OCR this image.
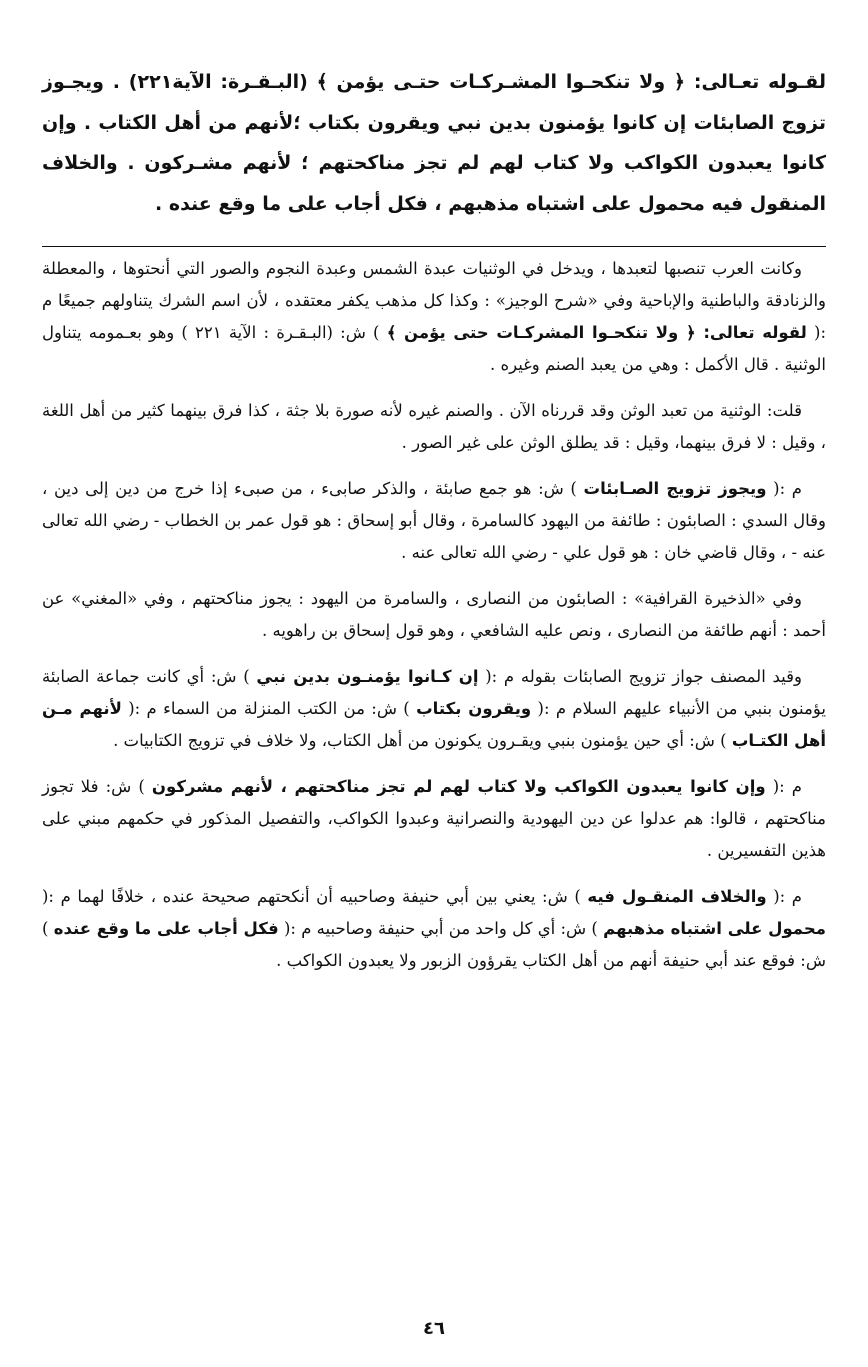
لقـوله تعـالى: ﴿ ولا تنكحـوا المشـركـات حتـى يؤمن ﴾ (البـقـرة: الآية٢٢١) . ويجـوز تزوج الصابئات إن كانوا يؤمنون بدين نبي ويقرون بكتاب ؛لأنهم من أهل الكتاب . وإن كانوا يعبدون الكواكب ولا كتاب لهم لم تجز مناكحتهم ؛ لأنهم مشـركون . والخلاف المنقول فيه محمول على اشتباه مذهبهم ، فكل أجاب على ما وقع عنده .

وكانت العرب تنصبها لتعبدها ، ويدخل في الوثنيات عبدة الشمس وعبدة النجوم والصور التي أنحتوها ، والمعطلة والزنادقة والباطنية والإباحية وفي «شرح الوجيز» : وكذا كل مذهب يكفر معتقده ، لأن اسم الشرك يتناولهم جميعًا م :( لقوله تعالى: ﴿ ولا تنكحـوا المشركـات حتى يؤمن ﴾ ) ش: (البـقـرة : الآية ٢٢١ ) وهو بعـمومه يتناول الوثنية . قال الأكمل : وهي من يعبد الصنم وغيره .

قلت: الوثنية من تعبد الوثن وقد قررناه الآن . والصنم غيره لأنه صورة بلا جثة ، كذا فرق بينهما كثير من أهل اللغة ، وقيل : لا فرق بينهما، وقيل : قد يطلق الوثن على غير الصور .

م :( ويجوز تزويج الصـابئات ) ش: هو جمع صابئة ، والذكر صابىء ، من صبىء إذا خرج من دين إلى دين ، وقال السدي : الصابئون : طائفة من اليهود كالسامرة ، وقال أبو إسحاق : هو قول عمر بن الخطاب - رضي الله تعالى عنه - ، وقال قاضي خان : هو قول علي - رضي الله تعالى عنه .

وفي «الذخيرة القرافية» : الصابئون من النصارى ، والسامرة من اليهود : يجوز مناكحتهم ، وفي «المغني» عن أحمد : أنهم طائفة من النصارى ، ونص عليه الشافعي ، وهو قول إسحاق بن راهويه .

وقيد المصنف جواز تزويج الصابئات بقوله م :( إن كـانوا يؤمنـون بدين نبي ) ش: أي كانت جماعة الصابئة يؤمنون بنبي من الأنبياء عليهم السلام م :( ويقرون بكتاب ) ش: من الكتب المنزلة من السماء م :( لأنهم مـن أهل الكتـاب ) ش: أي حين يؤمنون بنبي ويقـرون يكونون من أهل الكتاب، ولا خلاف في تزويج الكتابيات .

م :( وإن كانوا يعبدون الكواكب ولا كتاب لهم لم تجز مناكحتهم ، لأنهم مشركون ) ش: فلا تجوز مناكحتهم ، قالوا: هم عدلوا عن دين اليهودية والنصرانية وعبدوا الكواكب، والتفصيل المذكور في حكمهم مبني على هذين التفسيرين .

م :( والخلاف المنقـول فيه ) ش: يعني بين أبي حنيفة وصاحبيه أن أنكحتهم صحيحة عنده ، خلافًا لهما م :( محمول على اشتباه مذهبهم ) ش: أي كل واحد من أبي حنيفة وصاحبيه م :( فكل أجاب على ما وقع عنده ) ش: فوقع عند أبي حنيفة أنهم من أهل الكتاب يقرؤون الزبور ولا يعبدون الكواكب .

٤٦
